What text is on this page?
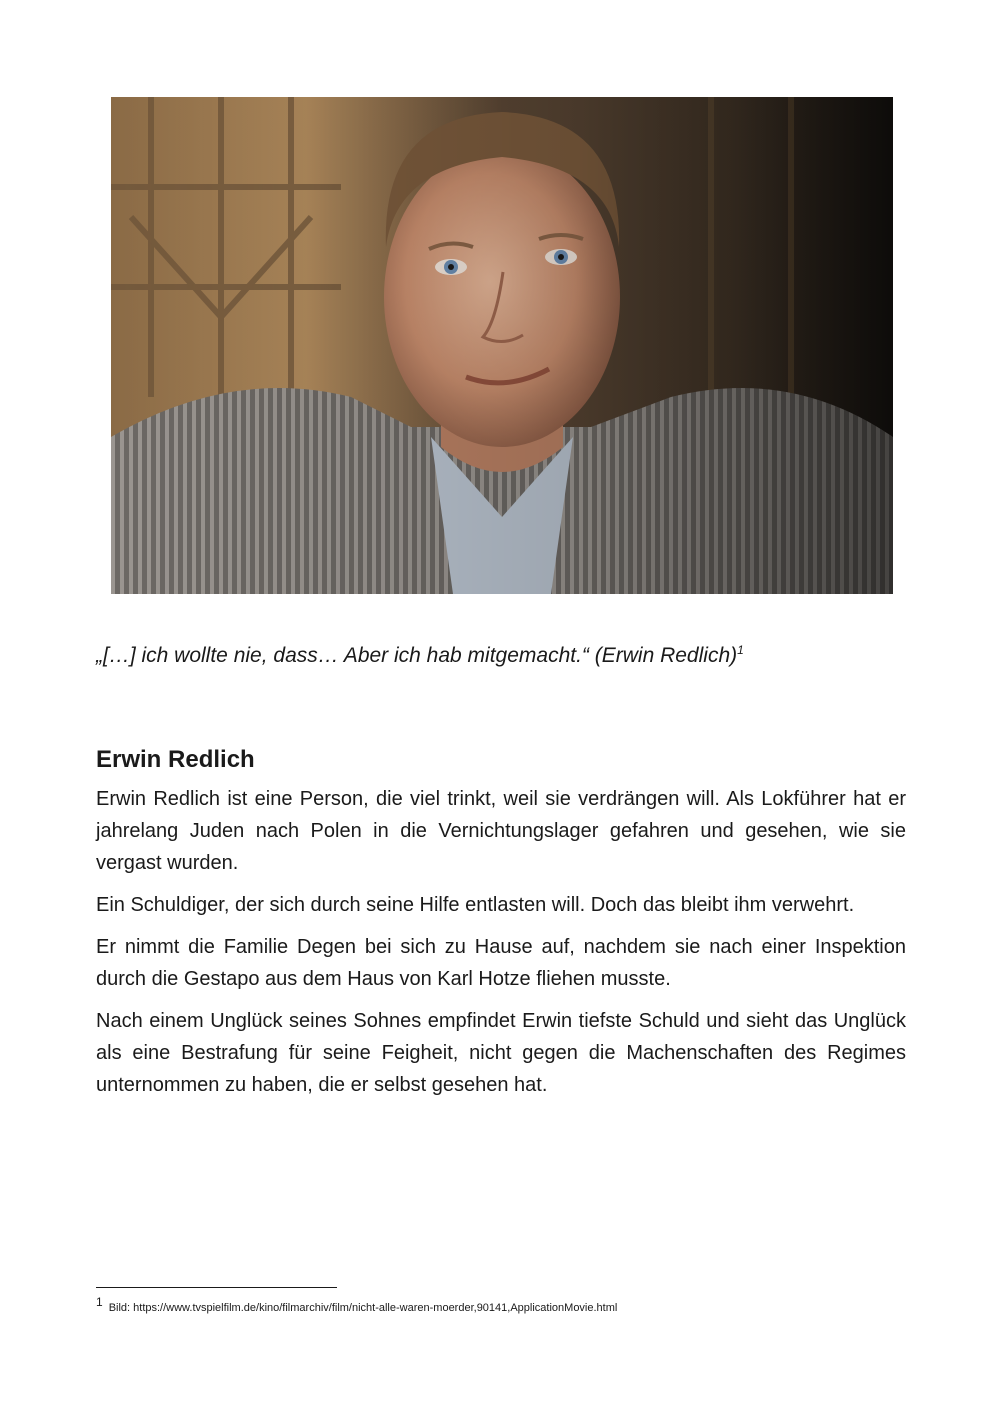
„[…] ich wollte nie, dass… Aber ich hab mitgemacht.“ (Erwin Redlich)$^1$
Erwin Redlich

Erwin Redlich ist eine Person, die viel trinkt, weil sie verdrängen will. Als Lokführer hat er jahrelang Juden nach Polen in die Vernichtungslager gefahren und gesehen, wie sie vergast wurden.

Ein Schuldiger, der sich durch seine Hilfe entlasten will. Doch das bleibt ihm verwehrt.

Er nimmt die Familie Degen bei sich zu Hause auf, nachdem sie nach einer Inspektion durch die Gestapo aus dem Haus von Karl Hotze fliehen musste.

Nach einem Unglück seines Sohnes empfindet Erwin tiefste Schuld und sieht das Unglück als eine Bestrafung für seine Feigheit, nicht gegen die Machenschaften des Regimes unternommen zu haben, die er selbst gesehen hat.

$^1$ Bild: https://www.tvspielfilm.de/kino/filmarchiv/film/nicht-alle-waren-moerder,90141,ApplicationMovie.html
